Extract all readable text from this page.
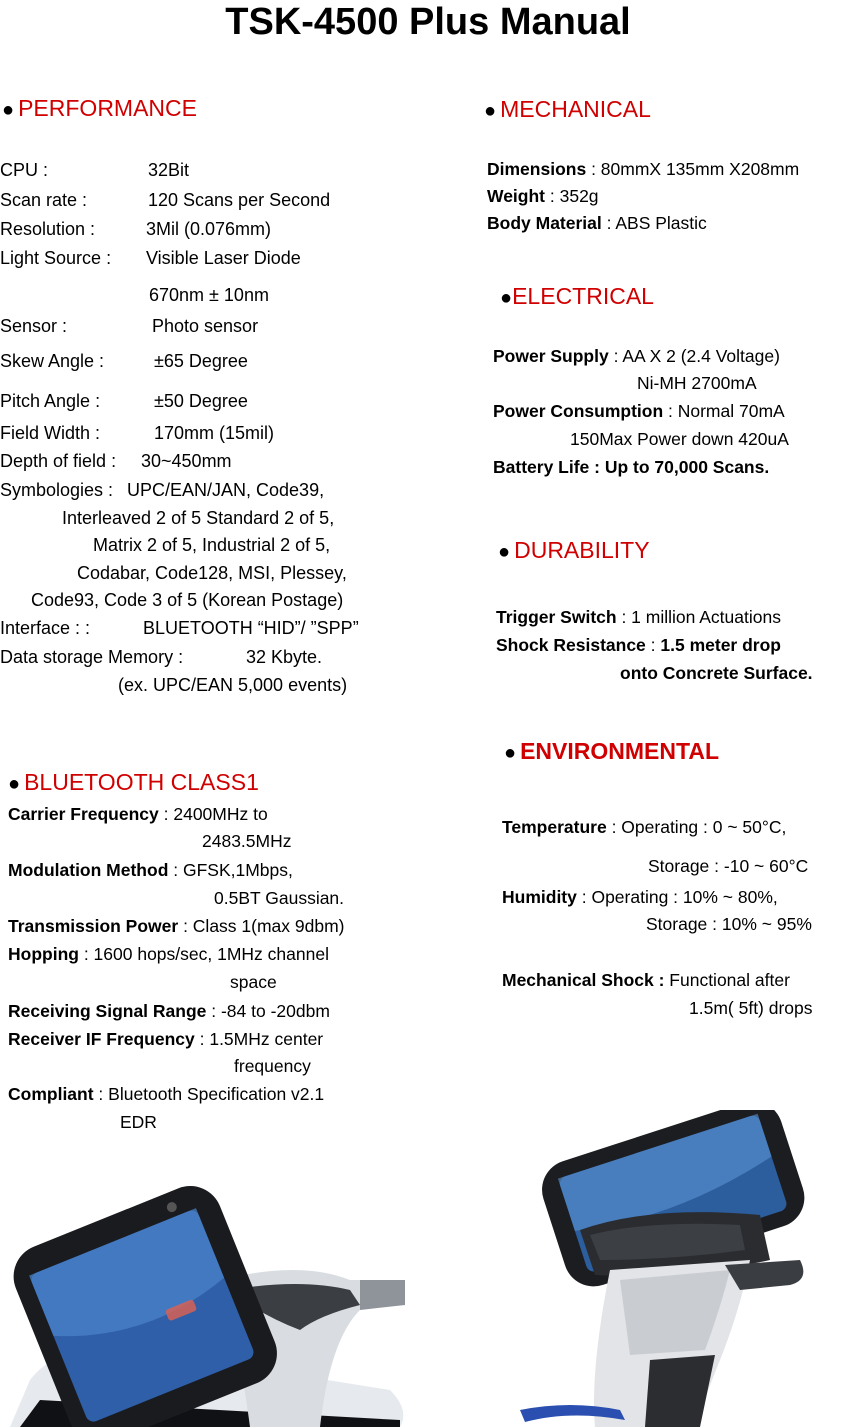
TSK-4500 Plus Manual
● PERFORMANCE
CPU :	32Bit
Scan rate :	120 Scans per Second
Resolution :	3Mil (0.076mm)
Light Source : Visible Laser Diode
670nm ± 10nm
Sensor :	Photo sensor
Skew Angle :	±65 Degree
Pitch Angle :	±50 Degree
Field Width :	170mm (15mil)
Depth of field : 30~450mm
Symbologies : UPC/EAN/JAN, Code39,
Interleaved 2 of 5 Standard 2 of 5,
Matrix 2 of 5, Industrial 2 of 5,
Codabar, Code128, MSI, Plessey,
Code93, Code 3 of 5 (Korean Postage)
Interface : :	BLUETOOTH “HID”/ ”SPP”
Data storage Memory :	32 Kbyte.
(ex. UPC/EAN 5,000 events)
● BLUETOOTH CLASS1
Carrier Frequency : 2400MHz to
2483.5MHz
Modulation Method : GFSK,1Mbps,
0.5BT Gaussian.
Transmission Power : Class 1(max 9dbm)
Hopping : 1600 hops/sec, 1MHz channel
space
Receiving Signal Range : -84 to -20dbm
Receiver IF Frequency : 1.5MHz center
frequency
Compliant : Bluetooth Specification v2.1
EDR
● MECHANICAL
Dimensions : 80mmX 135mm X208mm
Weight : 352g
Body Material : ABS Plastic
●ELECTRICAL
Power Supply : AA X 2 (2.4 Voltage)
Ni-MH 2700mA
Power Consumption : Normal 70mA
150Max Power down 420uA
Battery Life : Up to 70,000 Scans.
● DURABILITY
Trigger Switch : 1 million Actuations
Shock Resistance : 1.5 meter drop
onto Concrete Surface.
● ENVIRONMENTAL
Temperature : Operating : 0 ~ 50°C,
Storage : -10 ~ 60°C
Humidity : Operating : 10% ~ 80%,
Storage : 10% ~ 95%
Mechanical Shock : Functional after
1.5m( 5ft) drops
